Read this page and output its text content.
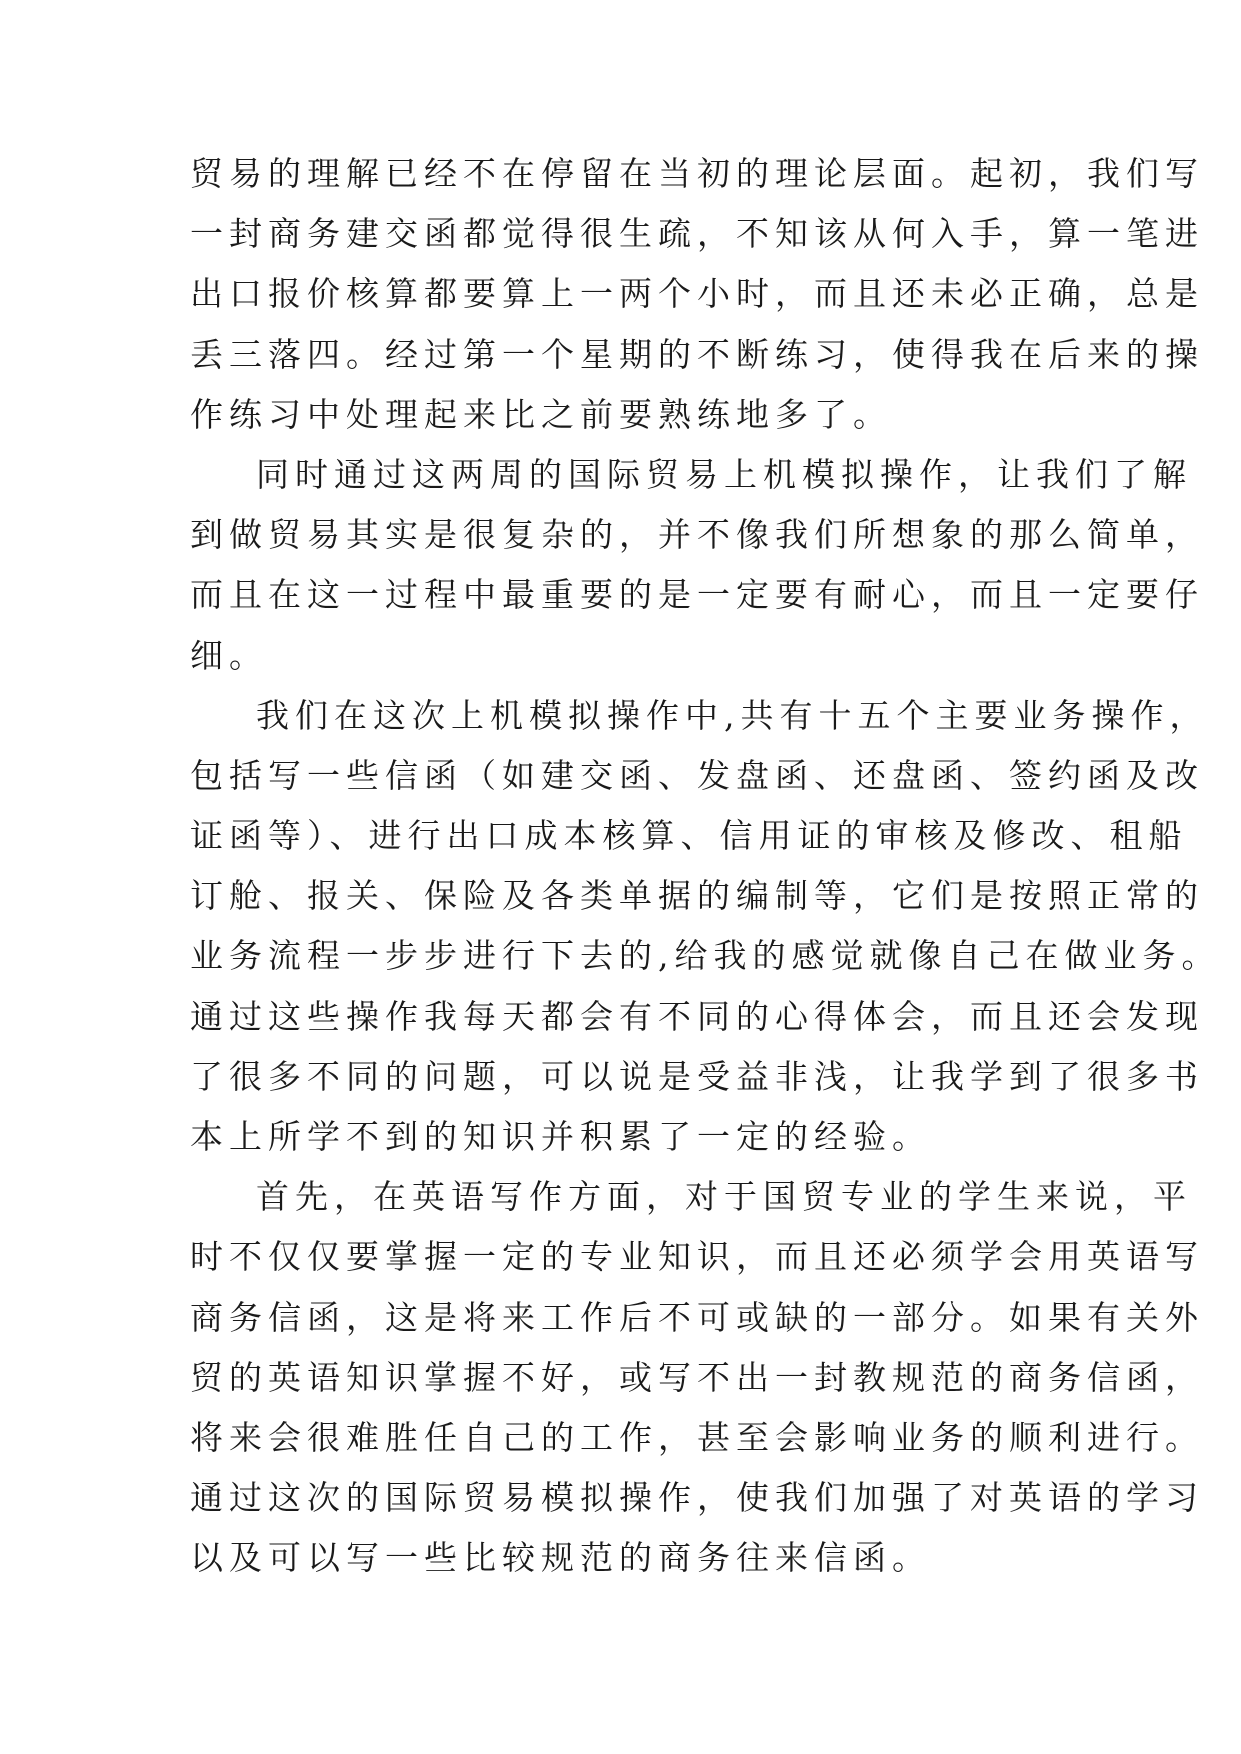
贸易的理解已经不在停留在当初的理论层面。起初，我们写
一封商务建交函都觉得很生疏，不知该从何入手，算一笔进
出口报价核算都要算上一两个小时，而且还未必正确，总是
丢三落四。经过第一个星期的不断练习，使得我在后来的操
作练习中处理起来比之前要熟练地多了。
同时通过这两周的国际贸易上机模拟操作，让我们了解
到做贸易其实是很复杂的，并不像我们所想象的那么简单，
而且在这一过程中最重要的是一定要有耐心，而且一定要仔
细。
我们在这次上机模拟操作中,共有十五个主要业务操作，
包括写一些信函（如建交函、发盘函、还盘函、签约函及改
证函等）、进行出口成本核算、信用证的审核及修改、租船
订舱、报关、保险及各类单据的编制等，它们是按照正常的
业务流程一步步进行下去的,给我的感觉就像自己在做业务。
通过这些操作我每天都会有不同的心得体会，而且还会发现
了很多不同的问题，可以说是受益非浅，让我学到了很多书
本上所学不到的知识并积累了一定的经验。
首先，在英语写作方面，对于国贸专业的学生来说，平
时不仅仅要掌握一定的专业知识，而且还必须学会用英语写
商务信函，这是将来工作后不可或缺的一部分。如果有关外
贸的英语知识掌握不好，或写不出一封教规范的商务信函，
将来会很难胜任自己的工作，甚至会影响业务的顺利进行。
通过这次的国际贸易模拟操作，使我们加强了对英语的学习
以及可以写一些比较规范的商务往来信函。
